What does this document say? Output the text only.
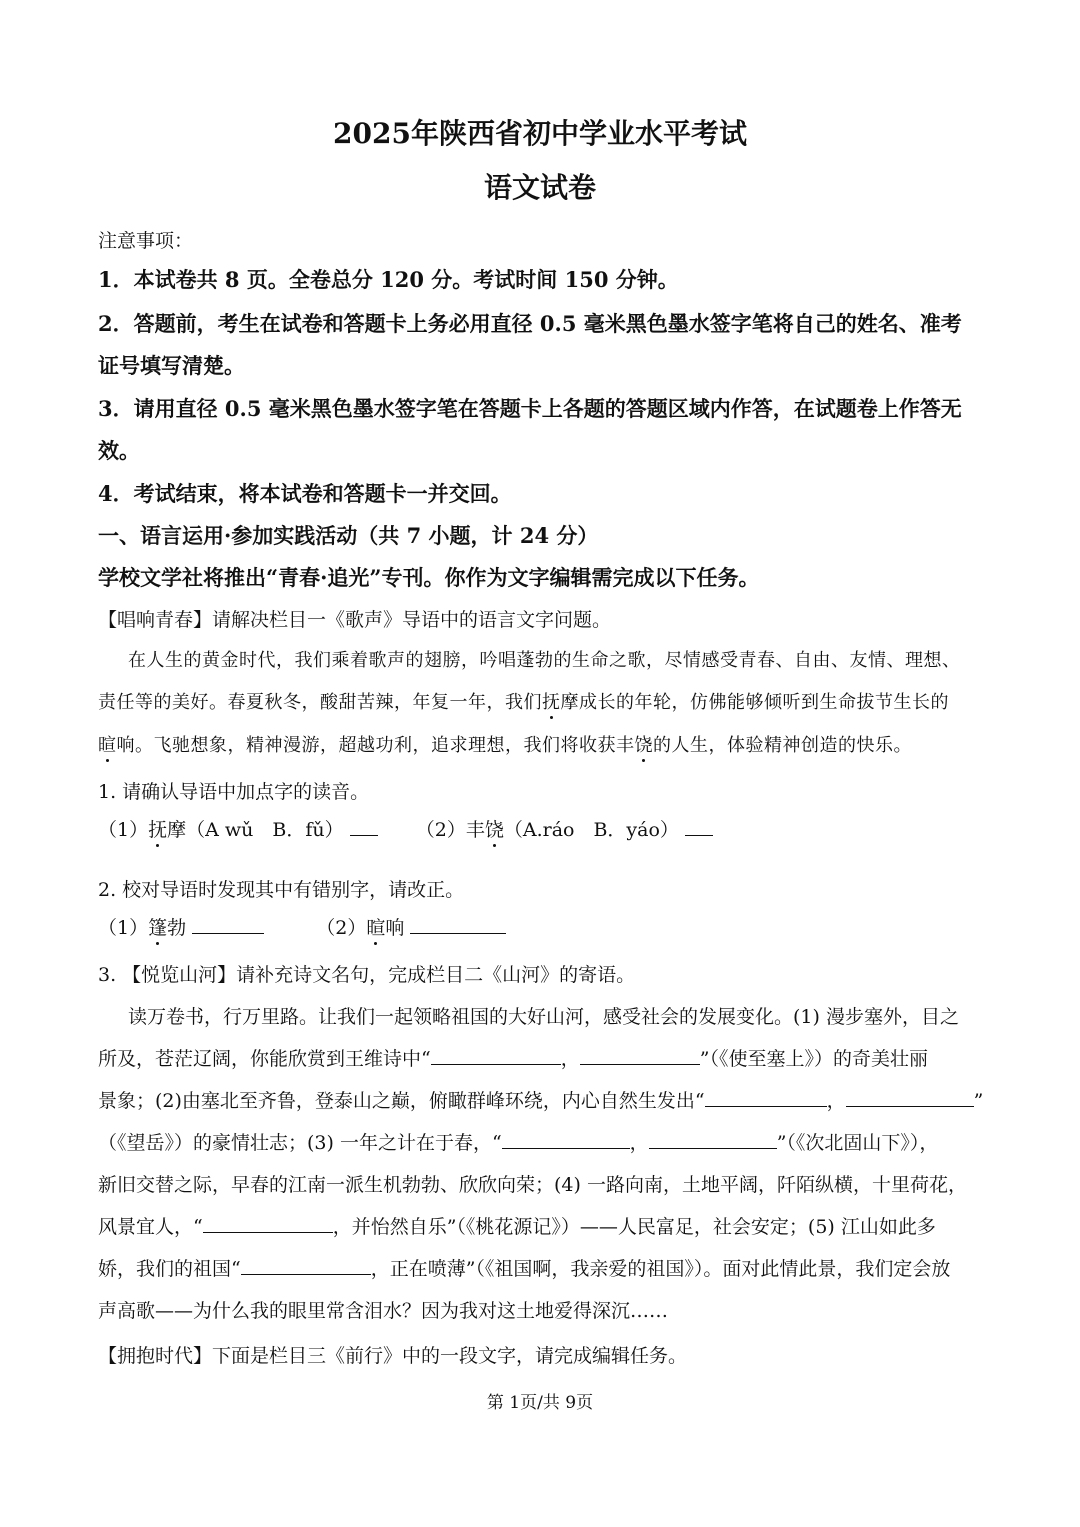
2025年陕西省初中学业水平考试
语文试卷
注意事项：
1．本试卷共 8 页。全卷总分 120 分。考试时间 150 分钟。
2．答题前，考生在试卷和答题卡上务必用直径 0.5 毫米黑色墨水签字笔将自己的姓名、准考
证号填写清楚。
3．请用直径 0.5 毫米黑色墨水签字笔在答题卡上各题的答题区域内作答，在试题卷上作答无
效。
4．考试结束，将本试卷和答题卡一并交回。
一、语言运用·参加实践活动（共 7 小题，计 24 分）
学校文学社将推出“青春·追光”专刊。你作为文字编辑需完成以下任务。
【唱响青春】请解决栏目一《歌声》导语中的语言文字问题。
在人生的黄金时代，我们乘着歌声的翅膀，吟唱蓬勃的生命之歌，尽情感受青春、自由、友情、理想、
责任等的美好。春夏秋冬，酸甜苦辣，年复一年，我们抚摩成长的年轮，仿佛能够倾听到生命拔节生长的
暄响。飞驰想象，精神漫游，超越功利，追求理想，我们将收获丰饶的人生，体验精神创造的快乐。
1. 请确认导语中加点字的读音。
（1）抚摩（A wǔ　B．fǔ）	（2）丰饶（A.ráo　B．yáo）
2. 校对导语时发现其中有错别字，请改正。
（1）篷勃	（2）暄响
3. 【悦览山河】请补充诗文名句，完成栏目二《山河》的寄语。
读万卷书，行万里路。让我们一起领略祖国的大好山河，感受社会的发展变化。(1) 漫步塞外，目之
所及，苍茫辽阔，你能欣赏到王维诗中“	，	”（《使至塞上》）的奇美壮丽
景象；(2)由塞北至齐鲁，登泰山之巅，俯瞰群峰环绕，内心自然生发出“	，	”
（《望岳》）的豪情壮志；(3) 一年之计在于春，“	，	”（《次北固山下》），
新旧交替之际，早春的江南一派生机勃勃、欣欣向荣；(4) 一路向南，土地平阔，阡陌纵横，十里荷花，
风景宜人，“	，并怡然自乐”（《桃花源记》）——人民富足，社会安定；(5) 江山如此多
娇，我们的祖国“	，正在喷薄”（《祖国啊，我亲爱的祖国》）。面对此情此景，我们定会放
声高歌——为什么我的眼里常含泪水？因为我对这土地爱得深沉……
【拥抱时代】下面是栏目三《前行》中的一段文字，请完成编辑任务。
第 1页/共 9页
